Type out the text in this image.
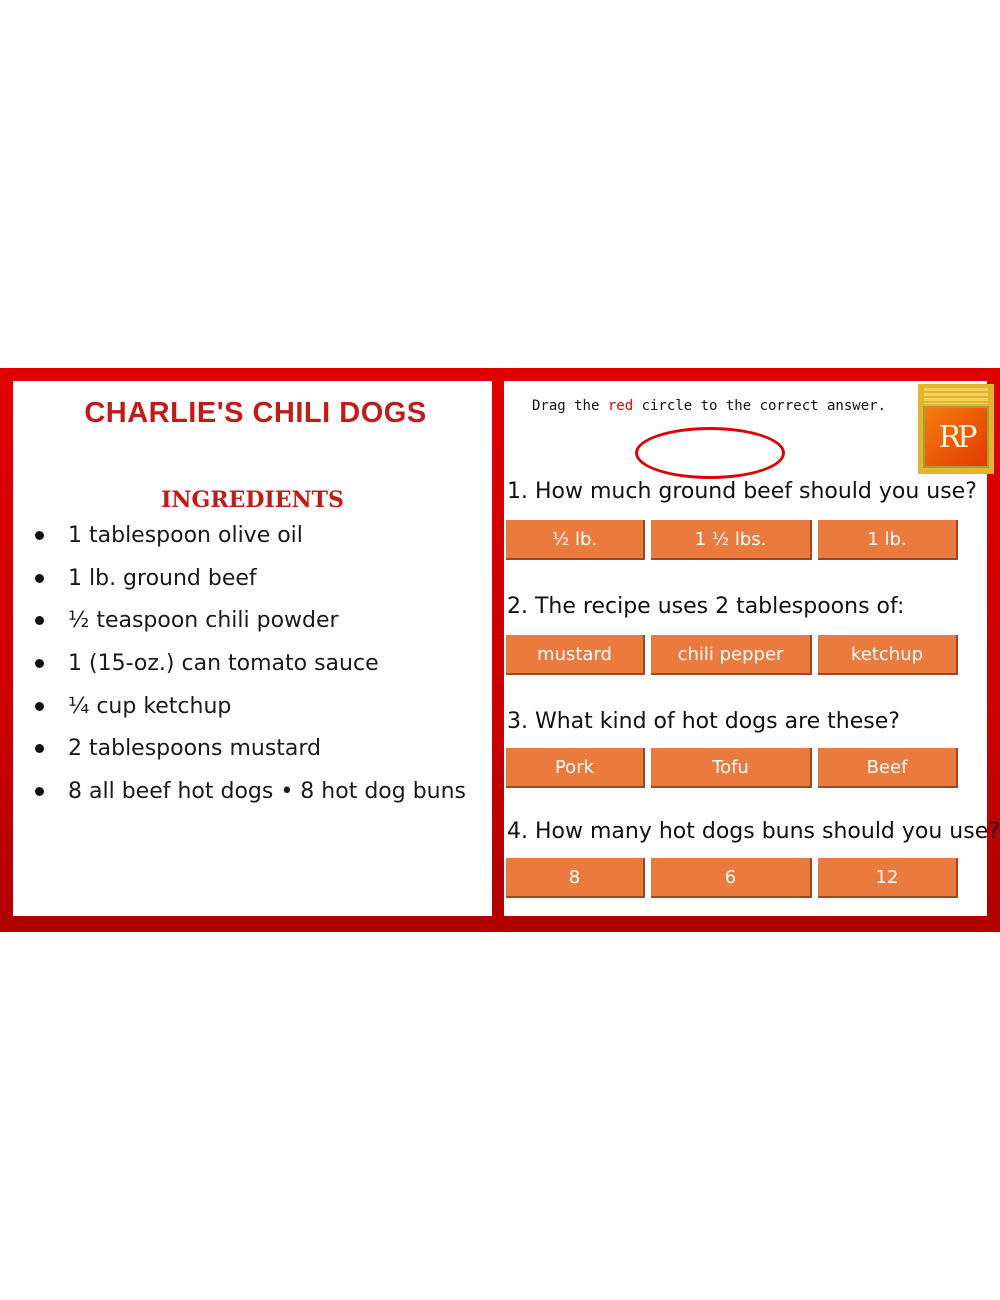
CHARLIE'S CHILI DOGS
INGREDIENTS
1 tablespoon olive oil
1 lb. ground beef
½ teaspoon chili powder
1 (15-oz.) can tomato sauce
¼ cup ketchup
2 tablespoons mustard
8 all beef hot dogs • 8 hot dog buns
Drag the red circle to the correct answer.
RP

1. How much ground beef should you use?

½ lb.	1 ½ lbs.	1 lb.

2. The recipe uses 2 tablespoons of:

mustard	chili pepper	ketchup

3. What kind of hot dogs are these?

Pork	Tofu	Beef

4. How many hot dogs buns should you use?

8	6	12
